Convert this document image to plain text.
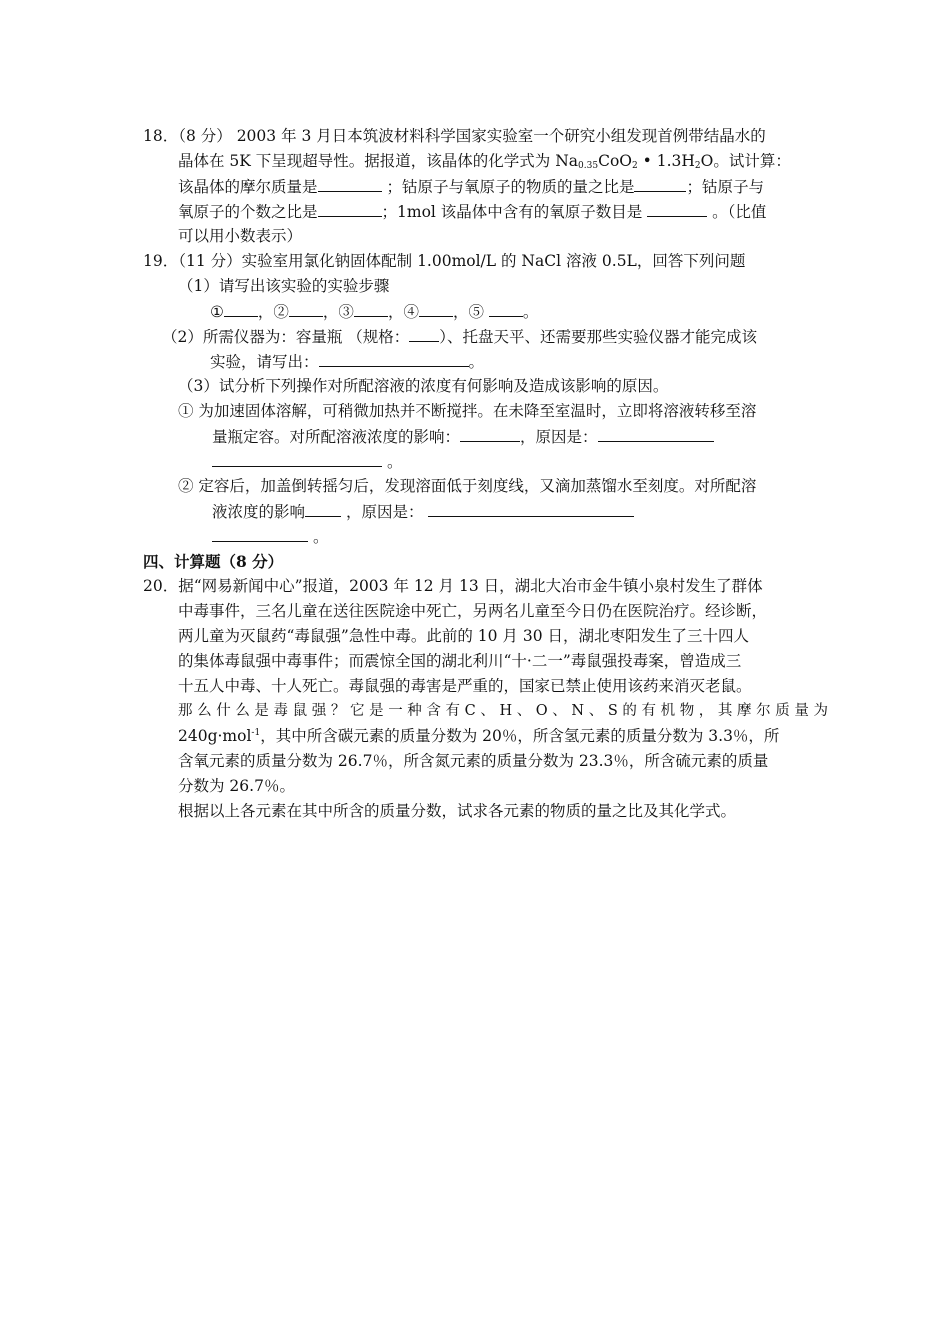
18．（8 分） 2003 年 3 月日本筑波材料科学国家实验室一个研究小组发现首例带结晶水的
晶体在 5K 下呈现超导性。据报道，该晶体的化学式为 $Na_{0.35}CoO_2$ • $1.3H_2O$。试计算：
该晶体的摩尔质量是	；钴原子与氧原子的物质的量之比是	；钴原子与
氧原子的个数之比是	；1mol 该晶体中含有的氧原子数目是	。（比值
可以用小数表示）
19．（11 分）实验室用氯化钠固体配制 1.00mol/L 的 NaCl 溶液 0.5L，回答下列问题
（1）请写出该实验的实验步骤
① ，② ，③ ，④ ，⑤	。
（2）所需仪器为：容量瓶 （规格： ）、托盘天平、还需要那些实验仪器才能完成该
实验，请写出：	。
（3）试分析下列操作对所配溶液的浓度有何影响及造成该影响的原因。
① 为加速固体溶解，可稍微加热并不断搅拌。在未降至室温时，立即将溶液转移至溶
量瓶定容。对所配溶液浓度的影响：	，原因是：
。
② 定容后，加盖倒转摇匀后，发现溶面低于刻度线，又滴加蒸馏水至刻度。对所配溶
液浓度的影响	，原因是：
。
四、计算题（8 分）
20．据“网易新闻中心”报道，2003 年 12 月 13 日，湖北大冶市金牛镇小泉村发生了群体
中毒事件，三名儿童在送往医院途中死亡，另两名儿童至今日仍在医院治疗。经诊断，
两儿童为灭鼠药“毒鼠强”急性中毒。此前的 10 月 30 日，湖北枣阳发生了三十四人
的集体毒鼠强中毒事件；而震惊全国的湖北利川“十·二一”毒鼠强投毒案，曾造成三
十五人中毒、十人死亡。毒鼠强的毒害是严重的，国家已禁止使用该药来消灭老鼠。
那 么 什 么 是 毒 鼠 强 ？ 它 是 一 种 含 有 C 、 H 、 O 、 N 、 S 的 有 机 物 ， 其 摩 尔 质 量 为
240g·mol$^{-1}$，其中所含碳元素的质量分数为 20％，所含氢元素的质量分数为 3.3％，所
含氧元素的质量分数为 26.7％，所含氮元素的质量分数为 23.3％，所含硫元素的质量
分数为 26.7％。
根据以上各元素在其中所含的质量分数，试求各元素的物质的量之比及其化学式。
